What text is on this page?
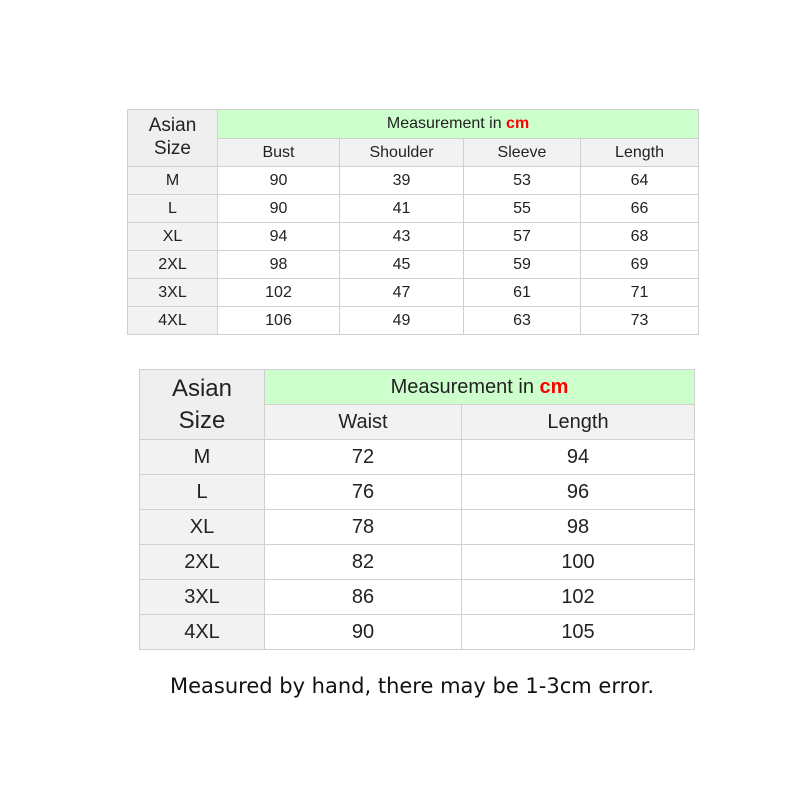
Asian
Size	Measurement in cm			
	Bust	Shoulder	Sleeve	Length
M	90	39	53	64
L	90	41	55	66
XL	94	43	57	68
2XL	98	45	59	69
3XL	102	47	61	71
4XL	106	49	63	73
Asian
Size	Measurement in cm	
	Waist	Length
M	72	94
L	76	96
XL	78	98
2XL	82	100
3XL	86	102
4XL	90	105
Measured by hand, there may be 1-3cm error.
